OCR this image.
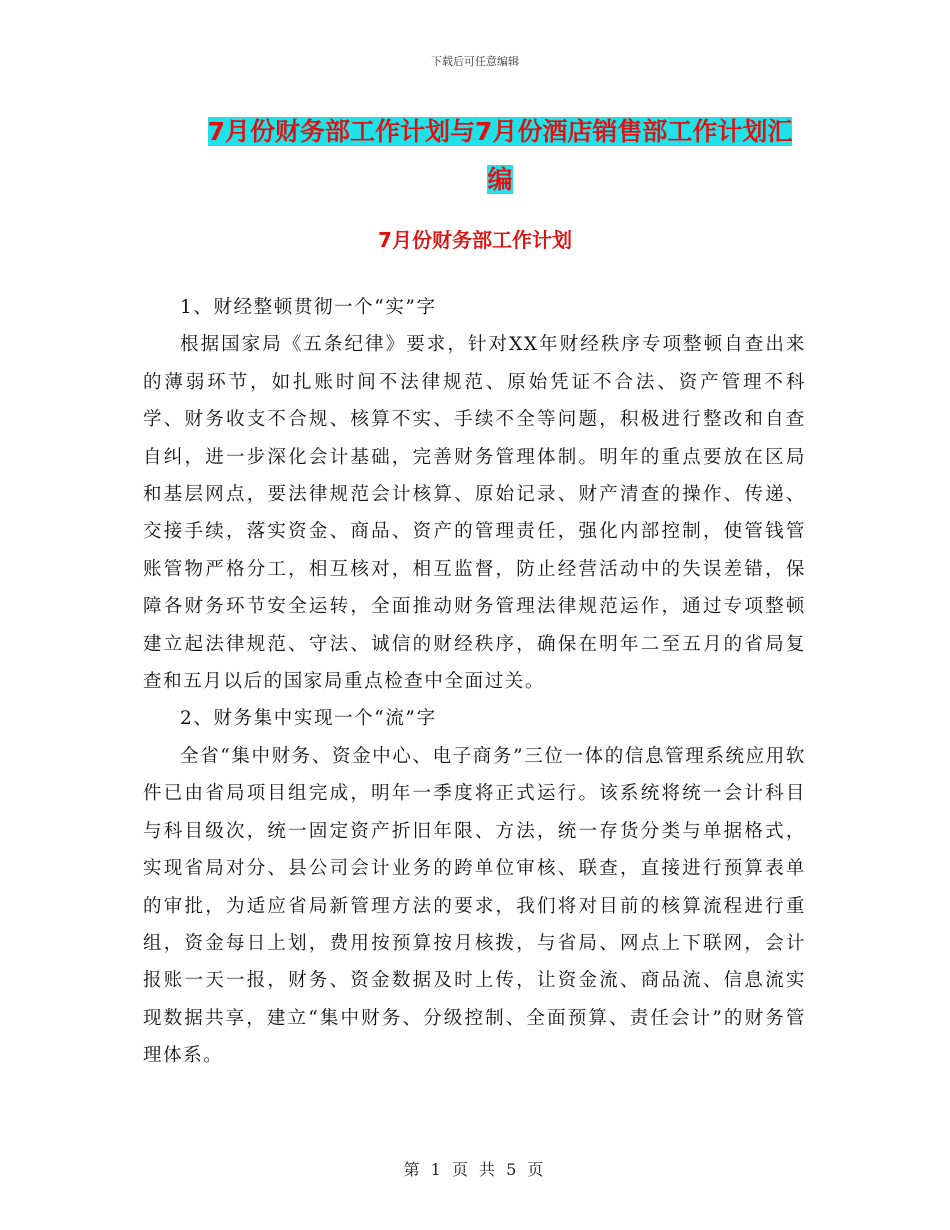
下载后可任意编辑
7月份财务部工作计划与7月份酒店销售部工作计划汇
编
7月份财务部工作计划

1、财经整顿贯彻一个“实”字

根据国家局《五条纪律》要求，针对XX年财经秩序专项整顿自查出来的薄弱环节，如扎账时间不法律规范、原始凭证不合法、资产管理不科学、财务收支不合规、核算不实、手续不全等问题，积极进行整改和自查自纠，进一步深化会计基础，完善财务管理体制。明年的重点要放在区局和基层网点，要法律规范会计核算、原始记录、财产清查的操作、传递、交接手续，落实资金、商品、资产的管理责任，强化内部控制，使管钱管账管物严格分工，相互核对，相互监督，防止经营活动中的失误差错，保障各财务环节安全运转，全面推动财务管理法律规范运作，通过专项整顿建立起法律规范、守法、诚信的财经秩序，确保在明年二至五月的省局复查和五月以后的国家局重点检查中全面过关。

2、财务集中实现一个“流”字

全省“集中财务、资金中心、电子商务”三位一体的信息管理系统应用软件已由省局项目组完成，明年一季度将正式运行。该系统将统一会计科目与科目级次，统一固定资产折旧年限、方法，统一存货分类与单据格式，实现省局对分、县公司会计业务的跨单位审核、联查，直接进行预算表单的审批，为适应省局新管理方法的要求，我们将对目前的核算流程进行重组，资金每日上划，费用按预算按月核拨，与省局、网点上下联网，会计报账一天一报，财务、资金数据及时上传，让资金流、商品流、信息流实现数据共享，建立“集中财务、分级控制、全面预算、责任会计”的财务管理体系。

第 1 页 共 5 页
